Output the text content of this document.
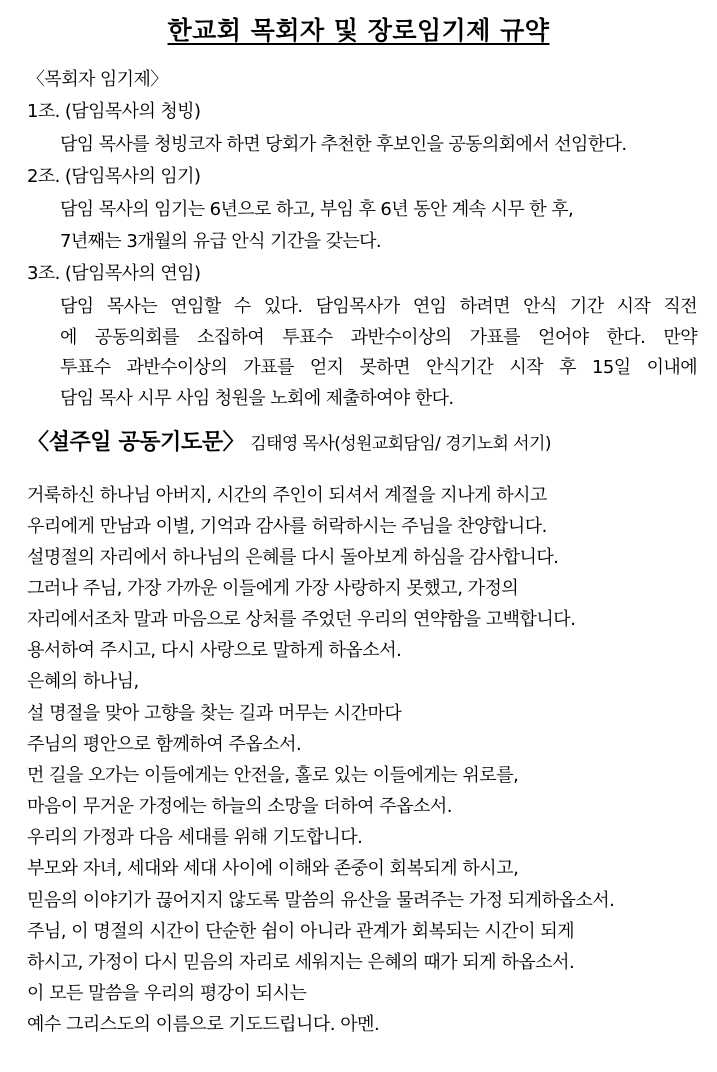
한교회 목회자 및 장로임기제 규약
〈목회자 임기제〉
1조. (담임목사의 청빙)
담임 목사를 청빙코자 하면 당회가 추천한 후보인을 공동의회에서 선임한다.
2조. (담임목사의 임기)
담임 목사의 임기는 6년으로 하고, 부임 후 6년 동안 계속 시무 한 후,
7년째는 3개월의 유급 안식 기간을 갖는다.
3조. (담임목사의 연임)
담임 목사는 연임할 수 있다. 담임목사가 연임 하려면 안식 기간 시작 직전
에 공동의회를 소집하여 투표수 과반수이상의 가표를 얻어야 한다. 만약
투표수 과반수이상의 가표를 얻지 못하면 안식기간 시작 후 15일 이내에
담임 목사 시무 사임 청원을 노회에 제출하여야 한다.
〈설주일 공동기도문〉 김태영 목사(성원교회담임/ 경기노회 서기)
거룩하신 하나님 아버지, 시간의 주인이 되셔서 계절을 지나게 하시고
우리에게 만남과 이별, 기억과 감사를 허락하시는 주님을 찬양합니다.
설명절의 자리에서 하나님의 은혜를 다시 돌아보게 하심을 감사합니다.
그러나 주님, 가장 가까운 이들에게 가장 사랑하지 못했고, 가정의
자리에서조차 말과 마음으로 상처를 주었던 우리의 연약함을 고백합니다.
용서하여 주시고, 다시 사랑으로 말하게 하옵소서.
은혜의 하나님,
설 명절을 맞아 고향을 찾는 길과 머무는 시간마다
주님의 평안으로 함께하여 주옵소서.
먼 길을 오가는 이들에게는 안전을, 홀로 있는 이들에게는 위로를,
마음이 무거운 가정에는 하늘의 소망을 더하여 주옵소서.
우리의 가정과 다음 세대를 위해 기도합니다.
부모와 자녀, 세대와 세대 사이에 이해와 존중이 회복되게 하시고,
믿음의 이야기가 끊어지지 않도록 말씀의 유산을 물려주는 가정 되게하옵소서.
주님, 이 명절의 시간이 단순한 쉼이 아니라 관계가 회복되는 시간이 되게
하시고, 가정이 다시 믿음의 자리로 세워지는 은혜의 때가 되게 하옵소서.
이 모든 말씀을 우리의 평강이 되시는
예수 그리스도의 이름으로 기도드립니다. 아멘.
